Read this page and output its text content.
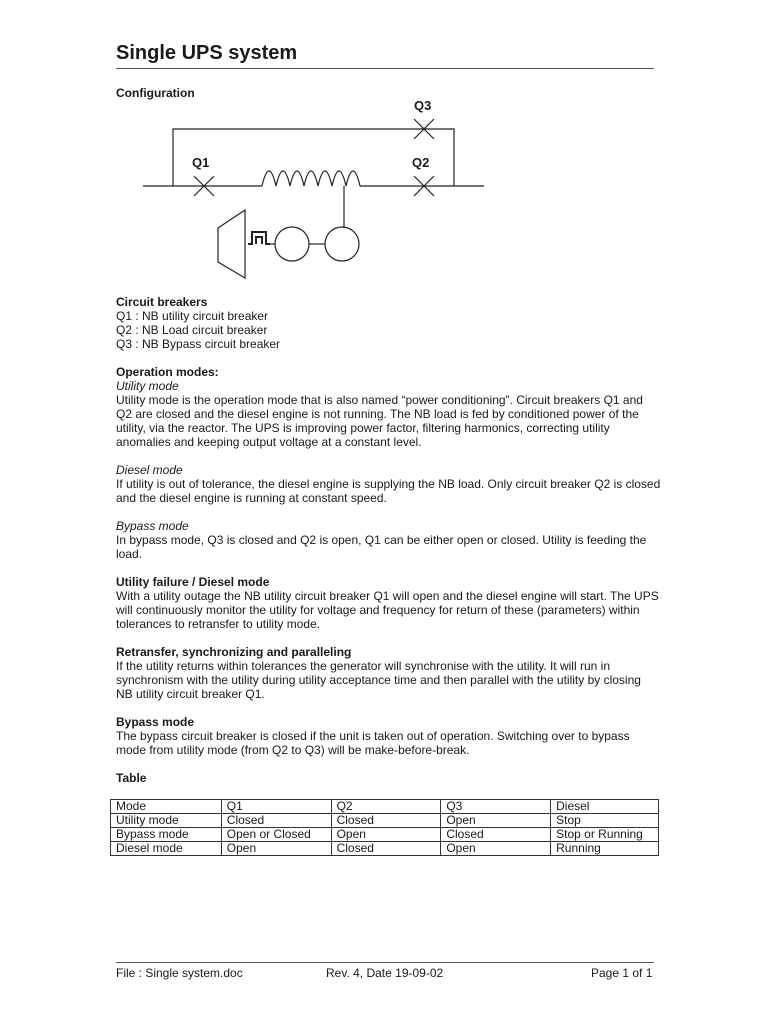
Single UPS system
Configuration
Q1	Q2
Q3
Circuit breakers
Q1 : NB utility circuit breaker
Q2 : NB Load circuit breaker
Q3 : NB Bypass circuit breaker
Operation modes:
Utility mode
Utility mode is the operation mode that is also named “power conditioning”. Circuit breakers Q1 and
Q2 are closed and the diesel engine is not running. The NB load is fed by conditioned power of the
utility, via the reactor. The UPS is improving power factor, filtering harmonics, correcting utility
anomalies and keeping output voltage at a constant level.
Diesel mode
If utility is out of tolerance, the diesel engine is supplying the NB load. Only circuit breaker Q2 is closed
and the diesel engine is running at constant speed.
Bypass mode
In bypass mode, Q3 is closed and Q2 is open, Q1 can be either open or closed. Utility is feeding the
load.
Utility failure / Diesel mode
With a utility outage the NB utility circuit breaker Q1 will open and the diesel engine will start. The UPS
will continuously monitor the utility for voltage and frequency for return of these (parameters) within
tolerances to retransfer to utility mode.
Retransfer, synchronizing and paralleling
If the utility returns within tolerances the generator will synchronise with the utility. It will run in
synchronism with the utility during utility acceptance time and then parallel with the utility by closing
NB utility circuit breaker Q1.
Bypass mode
The bypass circuit breaker is closed if the unit is taken out of operation. Switching over to bypass
mode from utility mode (from Q2 to Q3) will be make-before-break.
Table
Mode	Q1	Q2	Q3	Diesel
Utility mode	Closed	Closed	Open	Stop
Bypass mode	Open or Closed	Open	Closed	Stop or Running
Diesel mode	Open	Closed	Open	Running
File : Single system.doc	Rev. 4, Date 19-09-02	Page 1 of 1
